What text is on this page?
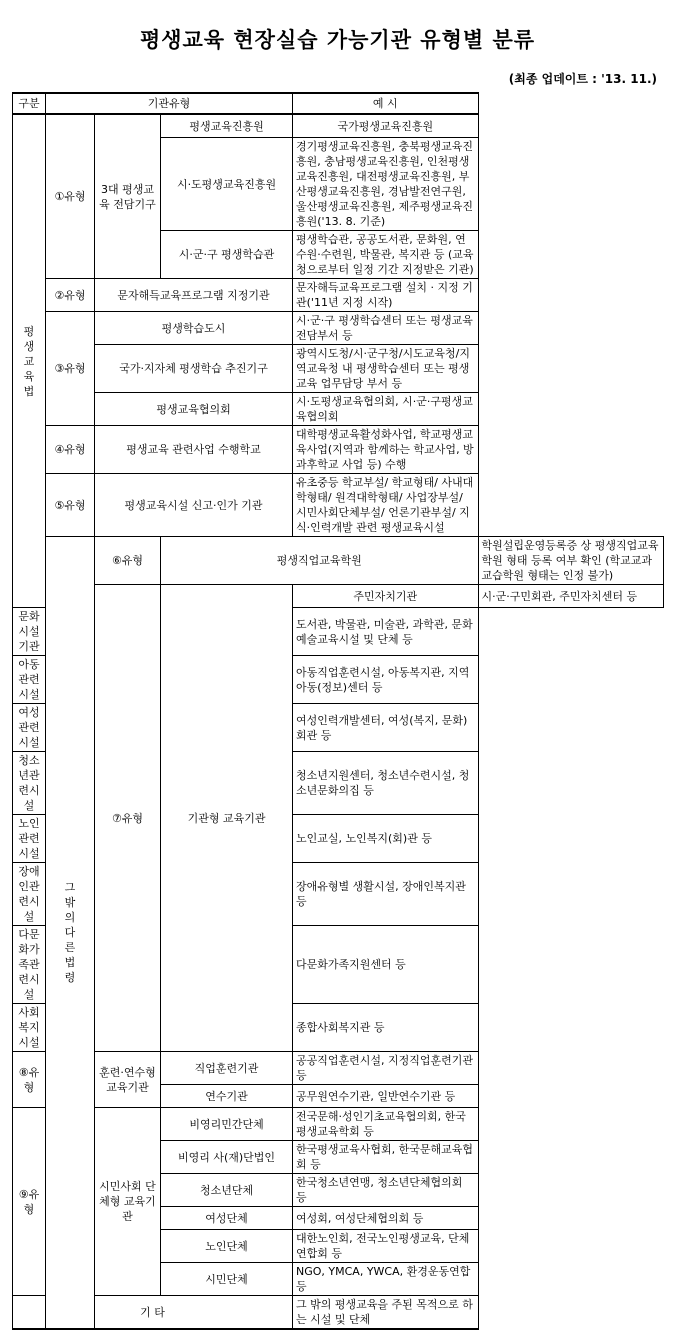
평생교육 현장실습 가능기관 유형별 분류
(최종 업데이트 : '13. 11.)
구분	기관유형			예 시	
평생교육법	①유형	3대 평생교육 전담기구	평생교육진흥원	국가평생교육진흥원	
			시·도평생교육진흥원	경기평생교육진흥원, 충북평생교육진흥원, 충남평생교육진흥원, 인천평생교육진흥원, 대전평생교육진흥원, 부산평생교육진흥원, 경남발전연구원, 울산평생교육진흥원, 제주평생교육진흥원('13. 8. 기준)	
			시·군·구 평생학습관	평생학습관, 공공도서관, 문화원, 연수원·수련원, 박물관, 복지관 등 (교육청으로부터 일정 기간 지정받은 기관)	
	②유형	문자해득교육프로그램 지정기관		문자해득교육프로그램 설치 · 지정 기관('11년 지정 시작)	
	③유형	평생학습도시		시·군·구 평생학습센터 또는 평생교육 전담부서 등	
		국가·지자체 평생학습 추진기구		광역시도청/시·군구청/시도교육청/지역교육청 내 평생학습센터 또는 평생교육 업무담당 부서 등	
		평생교육협의회		시·도평생교육협의회, 시·군·구평생교육협의회	
	④유형	평생교육 관련사업 수행학교		대학평생교육활성화사업, 학교평생교육사업(지역과 함께하는 학교사업, 방과후학교 사업 등) 수행	
	⑤유형	평생교육시설 신고·인가 기관		유초중등 학교부설/ 학교형태/ 사내대학형태/ 원격대학형태/ 사업장부설/ 시민사회단체부설/ 언론기관부설/ 지식·인력개발 관련 평생교육시설	
	그밖의 다른 법령	⑥유형	평생직업교육학원		학원설립운영등록증 상 평생직업교육학원 형태 등록 여부 확인 (학교교과교습학원 형태는 인정 불가)
		⑦유형	기관형 교육기관	주민자치기관	시·군·구민회관, 주민자치센터 등
문화시설기관				도서관, 박물관, 미술관, 과학관, 문화예술교육시설 및 단체 등	
아동관련시설				아동직업훈련시설, 아동복지관, 지역아동(정보)센터 등	
여성관련시설				여성인력개발센터, 여성(복지, 문화)회관 등	
청소년관련시설				청소년지원센터, 청소년수련시설, 청소년문화의집 등	
노인관련시설				노인교실, 노인복지(회)관 등	
장애인관련시설				장애유형별 생활시설, 장애인복지관 등	
다문화가족관련시설				다문화가족지원센터 등	
사회복지시설				종합사회복지관 등	
⑧유형		훈련·연수형 교육기관	직업훈련기관	공공직업훈련시설, 지정직업훈련기관 등	
			연수기관	공무원연수기관, 일반연수기관 등	
⑨유형		시민사회 단체형 교육기관	비영리민간단체	전국문해·성인기초교육협의회, 한국평생교육학회 등	
			비영리 사(재)단법인	한국평생교육사협회, 한국문해교육협회 등	
			청소년단체	한국청소년연맹, 청소년단체협의회 등	
			여성단체	여성회, 여성단체협의회 등	
			노인단체	대한노인회, 전국노인평생교육, 단체연합회 등	
			시민단체	NGO, YMCA, YWCA, 환경운동연합 등	
기 타				그 밖의 평생교육을 주된 목적으로 하는 시설 및 단체	
